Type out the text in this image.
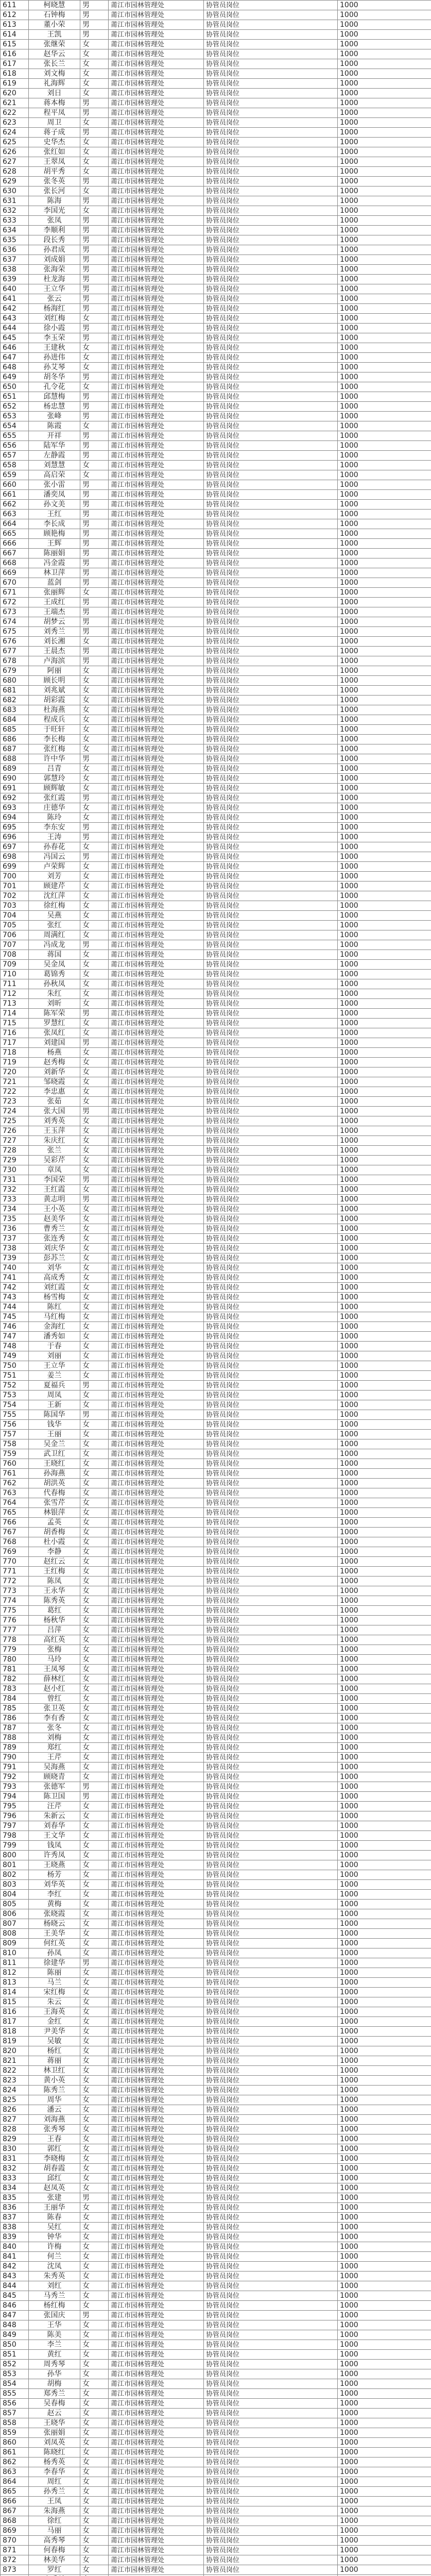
611	柯晓慧	男	莆江市园林管理处	协管员岗位	1000
612	石钟梅	男	莆江市园林管理处	协管员岗位	1000
613	董小荣	男	莆江市园林管理处	协管员岗位	1000
614	王凯	男	莆江市园林管理处	协管员岗位	1000
615	张继荣	女	莆江市园林管理处	协管员岗位	1000
616	赵华云	女	莆江市园林管理处	协管员岗位	1000
617	张长兰	女	莆江市园林管理处	协管员岗位	1000
618	刘文梅	女	莆江市园林管理处	协管员岗位	1000
619	礼海辉	女	莆江市园林管理处	协管员岗位	1000
620	刘日	女	莆江市园林管理处	协管员岗位	1000
621	蒋本梅	男	莆江市园林管理处	协管员岗位	1000
622	程平凤	男	莆江市园林管理处	协管员岗位	1000
623	周卫	女	莆江市园林管理处	协管员岗位	1000
624	蒋子成	男	莆江市园林管理处	协管员岗位	1000
625	史华杰	女	莆江市园林管理处	协管员岗位	1000
626	张红如	女	莆江市园林管理处	协管员岗位	1000
627	王翠凤	女	莆江市园林管理处	协管员岗位	1000
628	胡平秀	女	莆江市园林管理处	协管员岗位	1000
629	张冬英	男	莆江市园林管理处	协管员岗位	1000
630	张长河	女	莆江市园林管理处	协管员岗位	1000
631	陈海	男	莆江市园林管理处	协管员岗位	1000
632	李国光	女	莆江市园林管理处	协管员岗位	1000
633	张凤	男	莆江市园林管理处	协管员岗位	1000
634	李顺利	男	莆江市园林管理处	协管员岗位	1000
635	段长秀	男	莆江市园林管理处	协管员岗位	1000
636	孙君成	男	莆江市园林管理处	协管员岗位	1000
637	刘成娟	男	莆江市园林管理处	协管员岗位	1000
638	张海荣	男	莆江市园林管理处	协管员岗位	1000
639	杜龙海	男	莆江市园林管理处	协管员岗位	1000
640	王立华	男	莆江市园林管理处	协管员岗位	1000
641	张云	男	莆江市园林管理处	协管员岗位	1000
642	杨海红	男	莆江市园林管理处	协管员岗位	1000
643	刘红梅	女	莆江市园林管理处	协管员岗位	1000
644	徐小霞	男	莆江市园林管理处	协管员岗位	1000
645	李玉荣	男	莆江市园林管理处	协管员岗位	1000
646	王建秋	女	莆江市园林管理处	协管员岗位	1000
647	孙进伟	女	莆江市园林管理处	协管员岗位	1000
648	孙艾琴	女	莆江市园林管理处	协管员岗位	1000
649	胡冬华	男	莆江市园林管理处	协管员岗位	1000
650	孔令花	女	莆江市园林管理处	协管员岗位	1000
651	邱慧梅	男	莆江市园林管理处	协管员岗位	1000
652	杨忠慧	男	莆江市园林管理处	协管员岗位	1000
653	张峰	男	莆江市园林管理处	协管员岗位	1000
654	陈霞	女	莆江市园林管理处	协管员岗位	1000
655	开祥	男	莆江市园林管理处	协管员岗位	1000
656	陆军华	男	莆江市园林管理处	协管员岗位	1000
657	左静霞	男	莆江市园林管理处	协管员岗位	1000
658	刘慧慧	女	莆江市园林管理处	协管员岗位	1000
659	高启荣	女	莆江市园林管理处	协管员岗位	1000
660	张小雷	男	莆江市园林管理处	协管员岗位	1000
661	潘奕凤	男	莆江市园林管理处	协管员岗位	1000
662	孙文美	男	莆江市园林管理处	协管员岗位	1000
663	王红	男	莆江市园林管理处	协管员岗位	1000
664	李长成	男	莆江市园林管理处	协管员岗位	1000
665	顾艳梅	男	莆江市园林管理处	协管员岗位	1000
666	王辉	男	莆江市园林管理处	协管员岗位	1000
667	陈丽娟	男	莆江市园林管理处	协管员岗位	1000
668	冯金霞	男	莆江市园林管理处	协管员岗位	1000
669	林卫萍	男	莆江市园林管理处	协管员岗位	1000
670	蓝剑	男	莆江市园林管理处	协管员岗位	1000
671	张丽辉	女	莆江市园林管理处	协管员岗位	1000
672	王成红	男	莆江市园林管理处	协管员岗位	1000
673	王端杰	男	莆江市园林管理处	协管员岗位	1000
674	胡梦云	男	莆江市园林管理处	协管员岗位	1000
675	刘秀兰	男	莆江市园林管理处	协管员岗位	1000
676	刘长湘	女	莆江市园林管理处	协管员岗位	1000
677	王晨杰	男	莆江市园林管理处	协管员岗位	1000
678	卢海滨	男	莆江市园林管理处	协管员岗位	1000
679	阿丽	女	莆江市园林管理处	协管员岗位	1000
680	顾长明	女	莆江市园林管理处	协管员岗位	1000
681	刘兆斌	女	莆江市园林管理处	协管员岗位	1000
682	胡彩霞	女	莆江市园林管理处	协管员岗位	1000
683	杜海燕	女	莆江市园林管理处	协管员岗位	1000
684	程成兵	女	莆江市园林管理处	协管员岗位	1000
685	于旺轩	女	莆江市园林管理处	协管员岗位	1000
686	李长梅	女	莆江市园林管理处	协管员岗位	1000
687	张红梅	女	莆江市园林管理处	协管员岗位	1000
688	许中华	男	莆江市园林管理处	协管员岗位	1000
689	吕青	女	莆江市园林管理处	协管员岗位	1000
690	郭慧玲	女	莆江市园林管理处	协管员岗位	1000
691	顾辉敏	女	莆江市园林管理处	协管员岗位	1000
692	张红霞	男	莆江市园林管理处	协管员岗位	1000
693	庄德华	女	莆江市园林管理处	协管员岗位	1000
694	陈玲	女	莆江市园林管理处	协管员岗位	1000
695	李东安	男	莆江市园林管理处	协管员岗位	1000
696	王涛	男	莆江市园林管理处	协管员岗位	1000
697	孙春花	女	莆江市园林管理处	协管员岗位	1000
698	冯国云	男	莆江市园林管理处	协管员岗位	1000
699	卢荣辉	女	莆江市园林管理处	协管员岗位	1000
700	刘芳	女	莆江市园林管理处	协管员岗位	1000
701	顾建芹	女	莆江市园林管理处	协管员岗位	1000
702	沈红萍	女	莆江市园林管理处	协管员岗位	1000
703	徐红梅	女	莆江市园林管理处	协管员岗位	1000
704	吴燕	女	莆江市园林管理处	协管员岗位	1000
705	张红	女	莆江市园林管理处	协管员岗位	1000
706	周满红	女	莆江市园林管理处	协管员岗位	1000
707	冯成龙	男	莆江市园林管理处	协管员岗位	1000
708	蒋国	女	莆江市园林管理处	协管员岗位	1000
709	吴金凤	女	莆江市园林管理处	协管员岗位	1000
710	葛锦秀	女	莆江市园林管理处	协管员岗位	1000
711	孙秋凤	女	莆江市园林管理处	协管员岗位	1000
712	朱红	女	莆江市园林管理处	协管员岗位	1000
713	刘昕	女	莆江市园林管理处	协管员岗位	1000
714	陈军荣	男	莆江市园林管理处	协管员岗位	1000
715	罗慧红	女	莆江市园林管理处	协管员岗位	1000
716	张凤红	女	莆江市园林管理处	协管员岗位	1000
717	刘建国	男	莆江市园林管理处	协管员岗位	1000
718	杨燕	女	莆江市园林管理处	协管员岗位	1000
719	赵秀梅	女	莆江市园林管理处	协管员岗位	1000
720	刘新华	女	莆江市园林管理处	协管员岗位	1000
721	邹晓霞	女	莆江市园林管理处	协管员岗位	1000
722	李忠惠	女	莆江市园林管理处	协管员岗位	1000
723	张茹	女	莆江市园林管理处	协管员岗位	1000
724	张大国	男	莆江市园林管理处	协管员岗位	1000
725	刘秀英	女	莆江市园林管理处	协管员岗位	1000
726	王玉萍	女	莆江市园林管理处	协管员岗位	1000
727	朱庆红	女	莆江市园林管理处	协管员岗位	1000
728	张兰	女	莆江市园林管理处	协管员岗位	1000
729	吴彩芹	女	莆江市园林管理处	协管员岗位	1000
730	章凤	女	莆江市园林管理处	协管员岗位	1000
731	李国荣	男	莆江市园林管理处	协管员岗位	1000
732	王红霞	女	莆江市园林管理处	协管员岗位	1000
733	黄志明	男	莆江市园林管理处	协管员岗位	1000
734	王小英	女	莆江市园林管理处	协管员岗位	1000
735	赵美华	女	莆江市园林管理处	协管员岗位	1000
736	曹秀兰	女	莆江市园林管理处	协管员岗位	1000
737	张连秀	女	莆江市园林管理处	协管员岗位	1000
738	刘庆华	女	莆江市园林管理处	协管员岗位	1000
739	彭苏兰	女	莆江市园林管理处	协管员岗位	1000
740	刘华	女	莆江市园林管理处	协管员岗位	1000
741	高成秀	女	莆江市园林管理处	协管员岗位	1000
742	刘红霞	女	莆江市园林管理处	协管员岗位	1000
743	杨雪梅	女	莆江市园林管理处	协管员岗位	1000
744	陈红	女	莆江市园林管理处	协管员岗位	1000
745	马红梅	女	莆江市园林管理处	协管员岗位	1000
746	金海红	女	莆江市园林管理处	协管员岗位	1000
747	潘秀如	女	莆江市园林管理处	协管员岗位	1000
748	于春	女	莆江市园林管理处	协管员岗位	1000
749	刘丽	女	莆江市园林管理处	协管员岗位	1000
750	王立华	女	莆江市园林管理处	协管员岗位	1000
751	姜兰	女	莆江市园林管理处	协管员岗位	1000
752	夏福兵	男	莆江市园林管理处	协管员岗位	1000
753	周凤	女	莆江市园林管理处	协管员岗位	1000
754	王新	女	莆江市园林管理处	协管员岗位	1000
755	陈国华	男	莆江市园林管理处	协管员岗位	1000
756	钱华	女	莆江市园林管理处	协管员岗位	1000
757	王丽	女	莆江市园林管理处	协管员岗位	1000
758	吴金兰	女	莆江市园林管理处	协管员岗位	1000
759	武卫红	女	莆江市园林管理处	协管员岗位	1000
760	王晓红	女	莆江市园林管理处	协管员岗位	1000
761	孙海燕	女	莆江市园林管理处	协管员岗位	1000
762	胡洪英	女	莆江市园林管理处	协管员岗位	1000
763	代春梅	女	莆江市园林管理处	协管员岗位	1000
764	张雪芹	女	莆江市园林管理处	协管员岗位	1000
765	林银萍	女	莆江市园林管理处	协管员岗位	1000
766	孟英	女	莆江市园林管理处	协管员岗位	1000
767	胡香梅	女	莆江市园林管理处	协管员岗位	1000
768	杜小霞	女	莆江市园林管理处	协管员岗位	1000
769	李静	女	莆江市园林管理处	协管员岗位	1000
770	赵红云	女	莆江市园林管理处	协管员岗位	1000
771	王红梅	女	莆江市园林管理处	协管员岗位	1000
772	陈凤	女	莆江市园林管理处	协管员岗位	1000
773	王永华	女	莆江市园林管理处	协管员岗位	1000
774	陈秀英	女	莆江市园林管理处	协管员岗位	1000
775	葛红	女	莆江市园林管理处	协管员岗位	1000
776	杨秋华	女	莆江市园林管理处	协管员岗位	1000
777	吕萍	女	莆江市园林管理处	协管员岗位	1000
778	高红英	女	莆江市园林管理处	协管员岗位	1000
779	张梅	女	莆江市园林管理处	协管员岗位	1000
780	马玲	女	莆江市园林管理处	协管员岗位	1000
781	王凤琴	女	莆江市园林管理处	协管员岗位	1000
782	薛林红	女	莆江市园林管理处	协管员岗位	1000
783	赵小红	女	莆江市园林管理处	协管员岗位	1000
784	曾红	女	莆江市园林管理处	协管员岗位	1000
785	张卫英	女	莆江市园林管理处	协管员岗位	1000
786	李有香	女	莆江市园林管理处	协管员岗位	1000
787	张冬	女	莆江市园林管理处	协管员岗位	1000
788	刘梅	女	莆江市园林管理处	协管员岗位	1000
789	郑红	女	莆江市园林管理处	协管员岗位	1000
790	王芹	女	莆江市园林管理处	协管员岗位	1000
791	吴海燕	女	莆江市园林管理处	协管员岗位	1000
792	顾晓青	女	莆江市园林管理处	协管员岗位	1000
793	张德军	男	莆江市园林管理处	协管员岗位	1000
794	陈卫国	男	莆江市园林管理处	协管员岗位	1000
795	汪芹	女	莆江市园林管理处	协管员岗位	1000
796	朱新云	女	莆江市园林管理处	协管员岗位	1000
797	刘春华	女	莆江市园林管理处	协管员岗位	1000
798	王文华	女	莆江市园林管理处	协管员岗位	1000
799	钱凤	女	莆江市园林管理处	协管员岗位	1000
800	许秀凤	女	莆江市园林管理处	协管员岗位	1000
801	王晓燕	女	莆江市园林管理处	协管员岗位	1000
802	杨芳	女	莆江市园林管理处	协管员岗位	1000
803	刘华英	女	莆江市园林管理处	协管员岗位	1000
804	李红	女	莆江市园林管理处	协管员岗位	1000
805	黄梅	女	莆江市园林管理处	协管员岗位	1000
806	张晓霞	女	莆江市园林管理处	协管员岗位	1000
807	杨晓云	女	莆江市园林管理处	协管员岗位	1000
808	王美华	女	莆江市园林管理处	协管员岗位	1000
809	何红英	女	莆江市园林管理处	协管员岗位	1000
810	孙凤	女	莆江市园林管理处	协管员岗位	1000
811	徐建华	男	莆江市园林管理处	协管员岗位	1000
812	陈丽	女	莆江市园林管理处	协管员岗位	1000
813	马兰	女	莆江市园林管理处	协管员岗位	1000
814	宋红梅	女	莆江市园林管理处	协管员岗位	1000
815	朱云	女	莆江市园林管理处	协管员岗位	1000
816	王海英	女	莆江市园林管理处	协管员岗位	1000
817	金红	女	莆江市园林管理处	协管员岗位	1000
818	尹美华	女	莆江市园林管理处	协管员岗位	1000
819	吴敏	女	莆江市园林管理处	协管员岗位	1000
820	杨红	女	莆江市园林管理处	协管员岗位	1000
821	蒋丽	女	莆江市园林管理处	协管员岗位	1000
822	林卫红	女	莆江市园林管理处	协管员岗位	1000
823	黄小英	女	莆江市园林管理处	协管员岗位	1000
824	陈秀兰	女	莆江市园林管理处	协管员岗位	1000
825	周华	女	莆江市园林管理处	协管员岗位	1000
826	潘云	女	莆江市园林管理处	协管员岗位	1000
827	刘海燕	女	莆江市园林管理处	协管员岗位	1000
828	张秀琴	女	莆江市园林管理处	协管员岗位	1000
829	王春	女	莆江市园林管理处	协管员岗位	1000
830	郭红	女	莆江市园林管理处	协管员岗位	1000
831	李晓梅	女	莆江市园林管理处	协管员岗位	1000
832	胡春霞	女	莆江市园林管理处	协管员岗位	1000
833	邱红	女	莆江市园林管理处	协管员岗位	1000
834	赵凤英	女	莆江市园林管理处	协管员岗位	1000
835	张建	男	莆江市园林管理处	协管员岗位	1000
836	王丽华	女	莆江市园林管理处	协管员岗位	1000
837	陈春	女	莆江市园林管理处	协管员岗位	1000
838	吴红	女	莆江市园林管理处	协管员岗位	1000
839	钟华	女	莆江市园林管理处	协管员岗位	1000
840	许梅	女	莆江市园林管理处	协管员岗位	1000
841	何兰	女	莆江市园林管理处	协管员岗位	1000
842	沈凤	女	莆江市园林管理处	协管员岗位	1000
843	朱秀英	女	莆江市园林管理处	协管员岗位	1000
844	刘红	女	莆江市园林管理处	协管员岗位	1000
845	马秀兰	女	莆江市园林管理处	协管员岗位	1000
846	杨红梅	女	莆江市园林管理处	协管员岗位	1000
847	张国庆	男	莆江市园林管理处	协管员岗位	1000
848	王华	女	莆江市园林管理处	协管员岗位	1000
849	陈美	女	莆江市园林管理处	协管员岗位	1000
850	李兰	女	莆江市园林管理处	协管员岗位	1000
851	黄红	女	莆江市园林管理处	协管员岗位	1000
852	周秀琴	女	莆江市园林管理处	协管员岗位	1000
853	孙华	女	莆江市园林管理处	协管员岗位	1000
854	胡梅	女	莆江市园林管理处	协管员岗位	1000
855	郑秀兰	女	莆江市园林管理处	协管员岗位	1000
856	吴春梅	女	莆江市园林管理处	协管员岗位	1000
857	赵云	女	莆江市园林管理处	协管员岗位	1000
858	王晓华	女	莆江市园林管理处	协管员岗位	1000
859	张丽娟	女	莆江市园林管理处	协管员岗位	1000
860	刘凤英	女	莆江市园林管理处	协管员岗位	1000
861	陈晓红	女	莆江市园林管理处	协管员岗位	1000
862	杨秀英	女	莆江市园林管理处	协管员岗位	1000
863	李春华	女	莆江市园林管理处	协管员岗位	1000
864	周红	女	莆江市园林管理处	协管员岗位	1000
865	孙秀兰	女	莆江市园林管理处	协管员岗位	1000
866	王凤	女	莆江市园林管理处	协管员岗位	1000
867	朱海燕	女	莆江市园林管理处	协管员岗位	1000
868	徐红	女	莆江市园林管理处	协管员岗位	1000
869	马丽	女	莆江市园林管理处	协管员岗位	1000
870	高秀琴	女	莆江市园林管理处	协管员岗位	1000
871	何春梅	女	莆江市园林管理处	协管员岗位	1000
872	林美华	女	莆江市园林管理处	协管员岗位	1000
873	罗红	女	莆江市园林管理处	协管员岗位	1000
